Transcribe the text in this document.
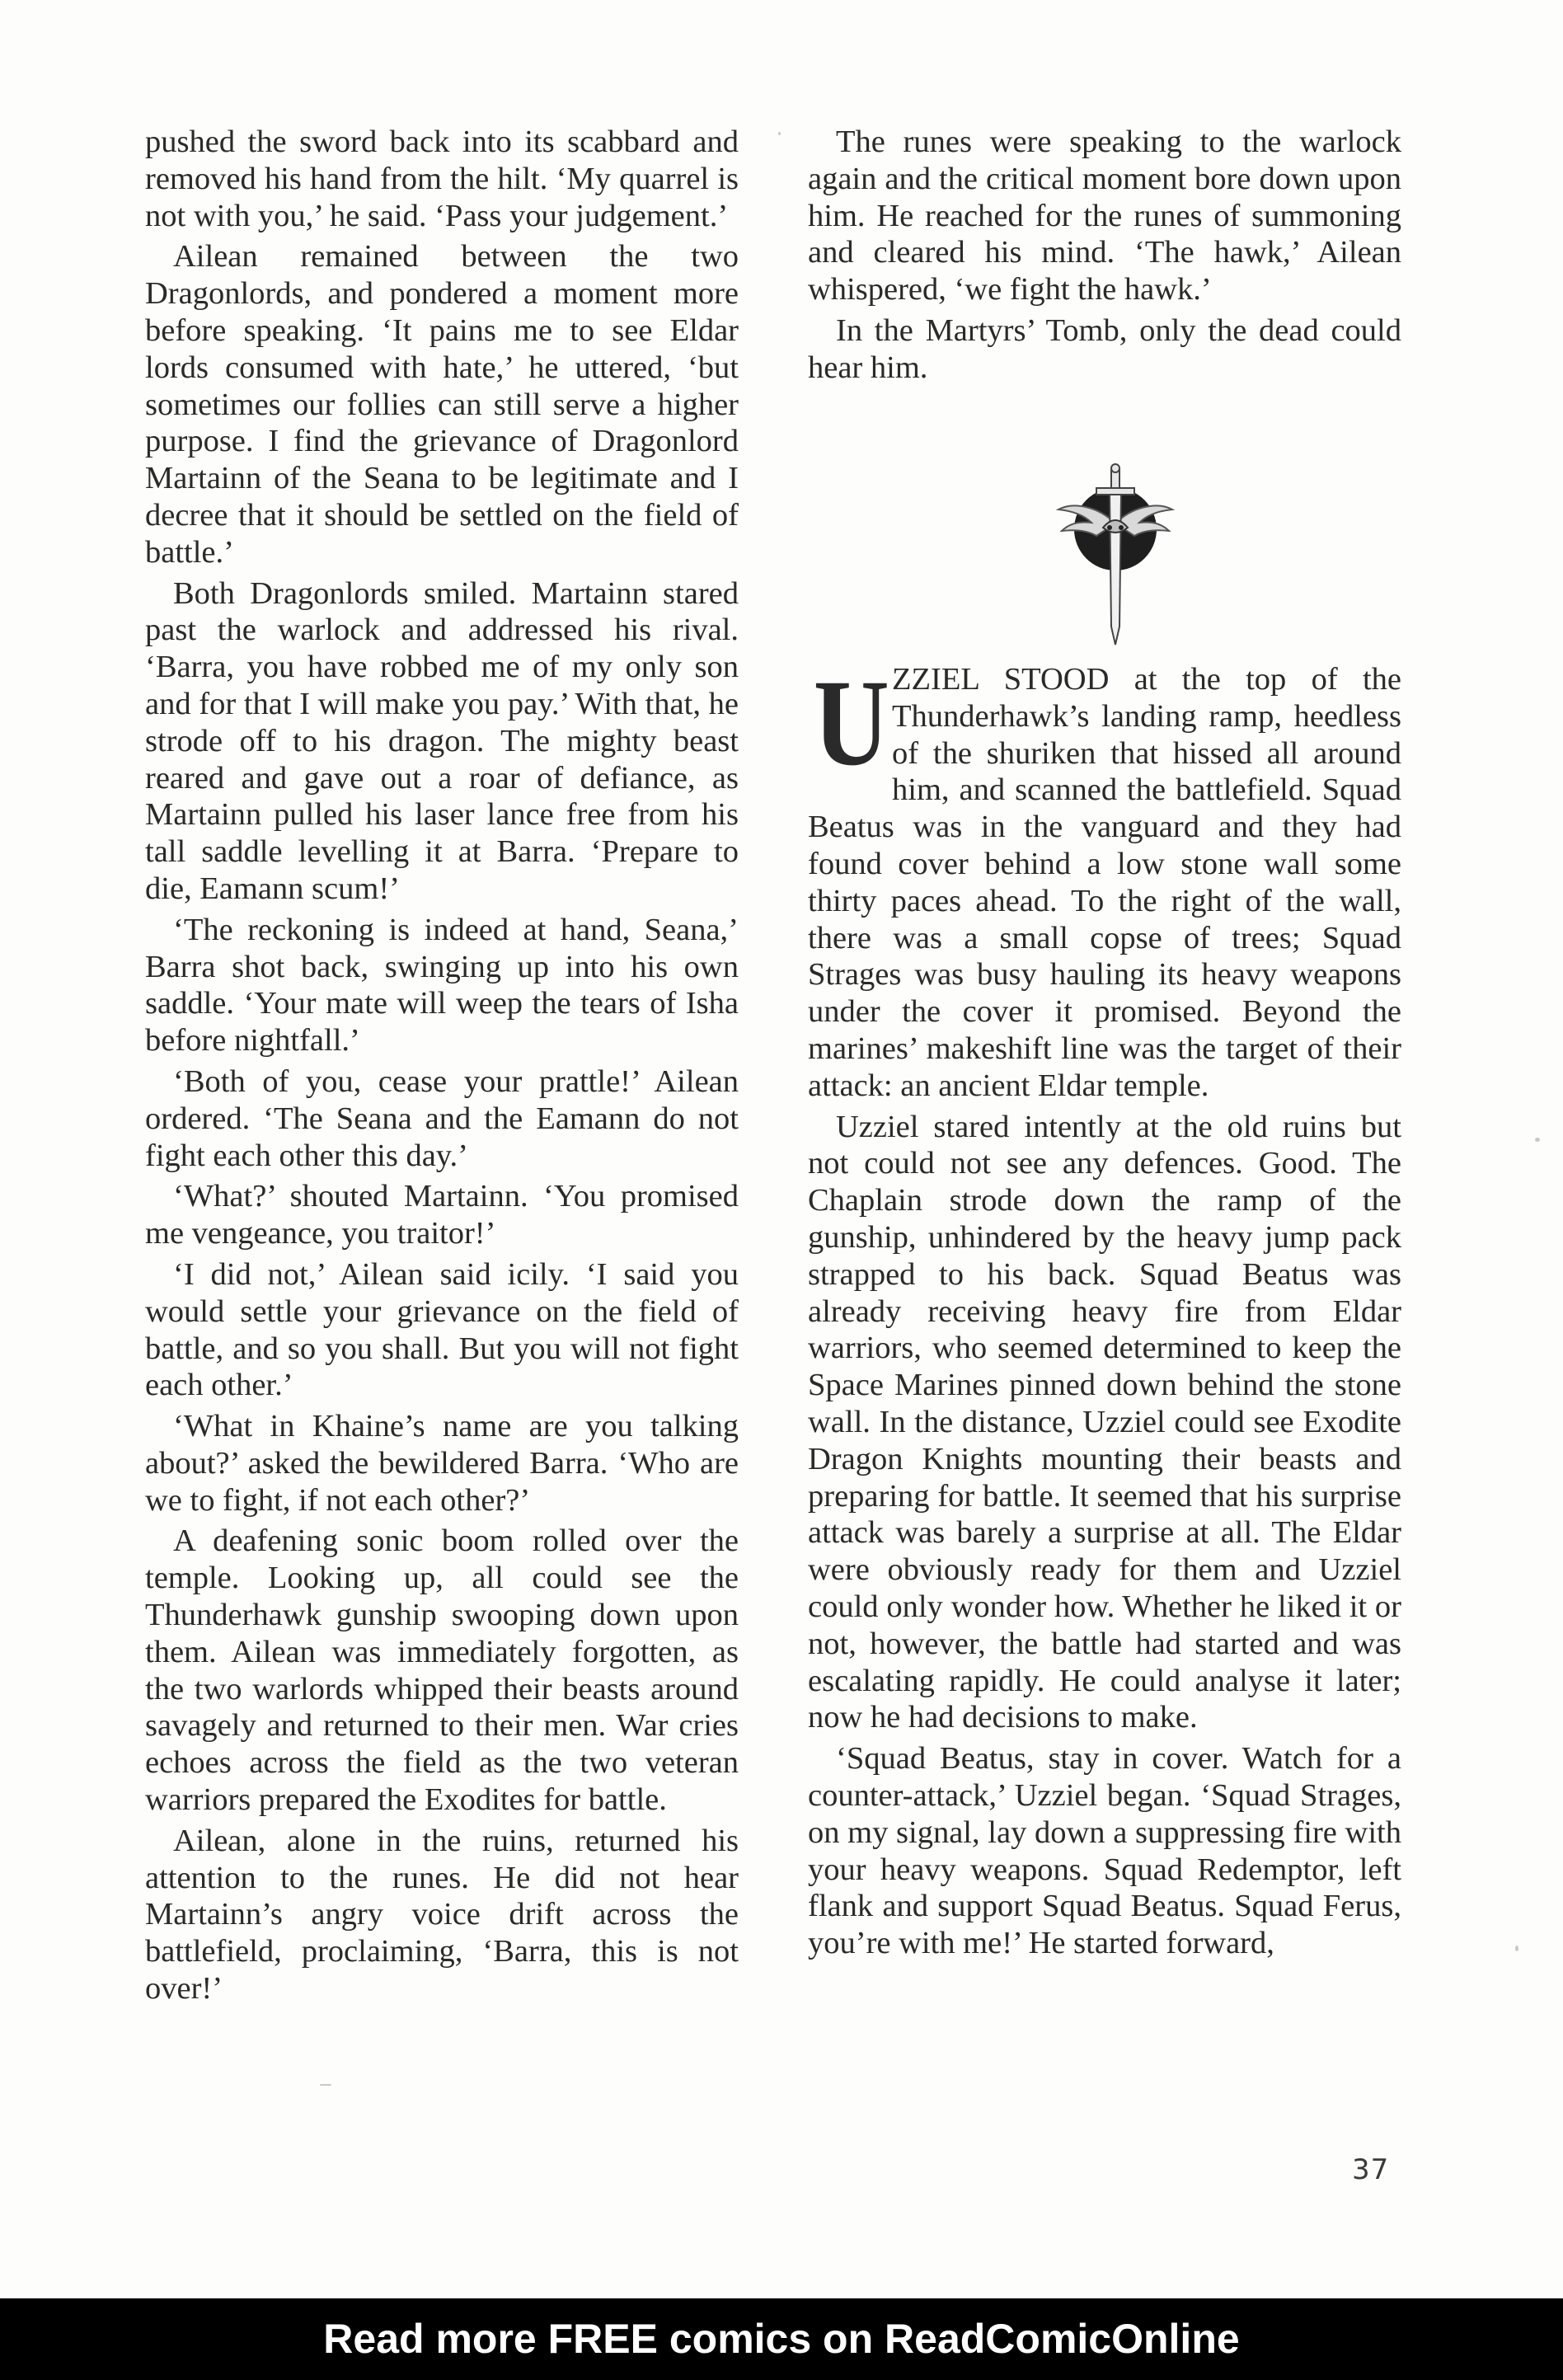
pushed the sword back into its scabbard and removed his hand from the hilt. ‘My quarrel is not with you,’ he said. ‘Pass your judgement.’

Ailean remained between the two Dragonlords, and pondered a moment more before speaking. ‘It pains me to see Eldar lords consumed with hate,’ he uttered, ‘but sometimes our follies can still serve a higher purpose. I find the grievance of Dragonlord Martainn of the Seana to be legitimate and I decree that it should be settled on the field of battle.’

Both Dragonlords smiled. Martainn stared past the warlock and addressed his rival. ‘Barra, you have robbed me of my only son and for that I will make you pay.’ With that, he strode off to his dragon. The mighty beast reared and gave out a roar of defiance, as Martainn pulled his laser lance free from his tall saddle levelling it at Barra. ‘Prepare to die, Eamann scum!’

‘The reckoning is indeed at hand, Seana,’ Barra shot back, swinging up into his own saddle. ‘Your mate will weep the tears of Isha before nightfall.’

‘Both of you, cease your prattle!’ Ailean ordered. ‘The Seana and the Eamann do not fight each other this day.’

‘What?’ shouted Martainn. ‘You promised me vengeance, you traitor!’

‘I did not,’ Ailean said icily. ‘I said you would settle your grievance on the field of battle, and so you shall. But you will not fight each other.’

‘What in Khaine’s name are you talking about?’ asked the bewildered Barra. ‘Who are we to fight, if not each other?’

A deafening sonic boom rolled over the temple. Looking up, all could see the Thunderhawk gunship swooping down upon them. Ailean was immediately forgotten, as the two warlords whipped their beasts around savagely and returned to their men. War cries echoes across the field as the two veteran warriors prepared the Exodites for battle.

Ailean, alone in the ruins, returned his attention to the runes. He did not hear Martainn’s angry voice drift across the battlefield, proclaiming, ‘Barra, this is not over!’

The runes were speaking to the warlock again and the critical moment bore down upon him. He reached for the runes of summoning and cleared his mind. ‘The hawk,’ Ailean whispered, ‘we fight the hawk.’

In the Martyrs’ Tomb, only the dead could hear him.

U ZZIEL STOOD at the top of the Thunderhawk’s landing ramp, heedless of the shuriken that hissed all around him, and scanned the battlefield. Squad Beatus was in the vanguard and they had found cover behind a low stone wall some thirty paces ahead. To the right of the wall, there was a small copse of trees; Squad Strages was busy hauling its heavy weapons under the cover it promised. Beyond the marines’ makeshift line was the target of their attack: an ancient Eldar temple.

Uzziel stared intently at the old ruins but not could not see any defences. Good. The Chaplain strode down the ramp of the gunship, unhindered by the heavy jump pack strapped to his back. Squad Beatus was already receiving heavy fire from Eldar warriors, who seemed determined to keep the Space Marines pinned down behind the stone wall. In the distance, Uzziel could see Exodite Dragon Knights mounting their beasts and preparing for battle. It seemed that his surprise attack was barely a surprise at all. The Eldar were obviously ready for them and Uzziel could only wonder how. Whether he liked it or not, however, the battle had started and was escalating rapidly. He could analyse it later; now he had decisions to make.

‘Squad Beatus, stay in cover. Watch for a counter-attack,’ Uzziel began. ‘Squad Strages, on my signal, lay down a suppressing fire with your heavy weapons. Squad Redemptor, left flank and support Squad Beatus. Squad Ferus, you’re with me!’ He started forward,

37
Read more FREE comics on ReadComicOnline
